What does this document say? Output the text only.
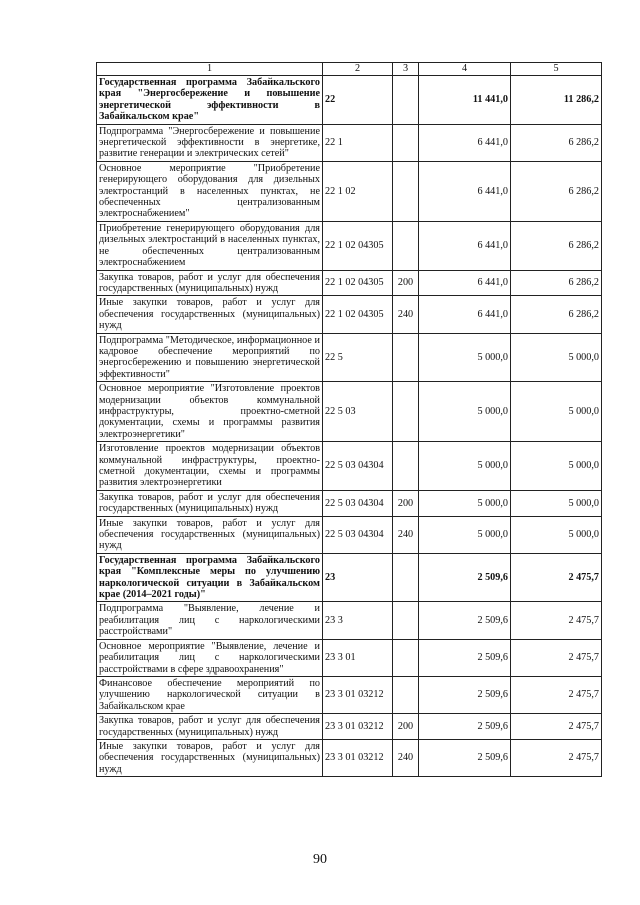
1	2	3	4	5
Государственная программа Забайкальского края "Энергосбережение и повышение энергетической эффективности в Забайкальском крае"	22		11 441,0	11 286,2
Подпрограмма "Энергосбережение и повышение энергетической эффективности в энергетике, развитие генерации и электрических сетей"	22 1		6 441,0	6 286,2
Основное мероприятие "Приобретение генерирующего оборудования для дизельных электростанций в населенных пунктах, не обеспеченных централизованным электроснабжением"	22 1 02		6 441,0	6 286,2
Приобретение генерирующего оборудования для дизельных электростанций в населенных пунктах, не обеспеченных централизованным электроснабжением	22 1 02 04305		6 441,0	6 286,2
Закупка товаров, работ и услуг для обеспечения государственных (муниципальных) нужд	22 1 02 04305	200	6 441,0	6 286,2
Иные закупки товаров, работ и услуг для обеспечения государственных (муниципальных) нужд	22 1 02 04305	240	6 441,0	6 286,2
Подпрограмма "Методическое, информационное и кадровое обеспечение мероприятий по энергосбережению и повышению энергетической эффективности"	22 5		5 000,0	5 000,0
Основное мероприятие "Изготовление проектов модернизации объектов коммунальной инфраструктуры, проектно-сметной документации, схемы и программы развития электроэнергетики"	22 5 03		5 000,0	5 000,0
Изготовление проектов модернизации объектов коммунальной инфраструктуры, проектно-сметной документации, схемы и программы развития электроэнергетики	22 5 03 04304		5 000,0	5 000,0
Закупка товаров, работ и услуг для обеспечения государственных (муниципальных) нужд	22 5 03 04304	200	5 000,0	5 000,0
Иные закупки товаров, работ и услуг для обеспечения государственных (муниципальных) нужд	22 5 03 04304	240	5 000,0	5 000,0
Государственная программа Забайкальского края "Комплексные меры по улучшению наркологической ситуации в Забайкальском крае (2014–2021 годы)"	23		2 509,6	2 475,7
Подпрограмма "Выявление, лечение и реабилитация лиц с наркологическими расстройствами"	23 3		2 509,6	2 475,7
Основное мероприятие "Выявление, лечение и реабилитация лиц с наркологическими расстройствами в сфере здравоохранения"	23 3 01		2 509,6	2 475,7
Финансовое обеспечение мероприятий по улучшению наркологической ситуации в Забайкальском крае	23 3 01 03212		2 509,6	2 475,7
Закупка товаров, работ и услуг для обеспечения государственных (муниципальных) нужд	23 3 01 03212	200	2 509,6	2 475,7
Иные закупки товаров, работ и услуг для обеспечения государственных (муниципальных) нужд	23 3 01 03212	240	2 509,6	2 475,7
90
